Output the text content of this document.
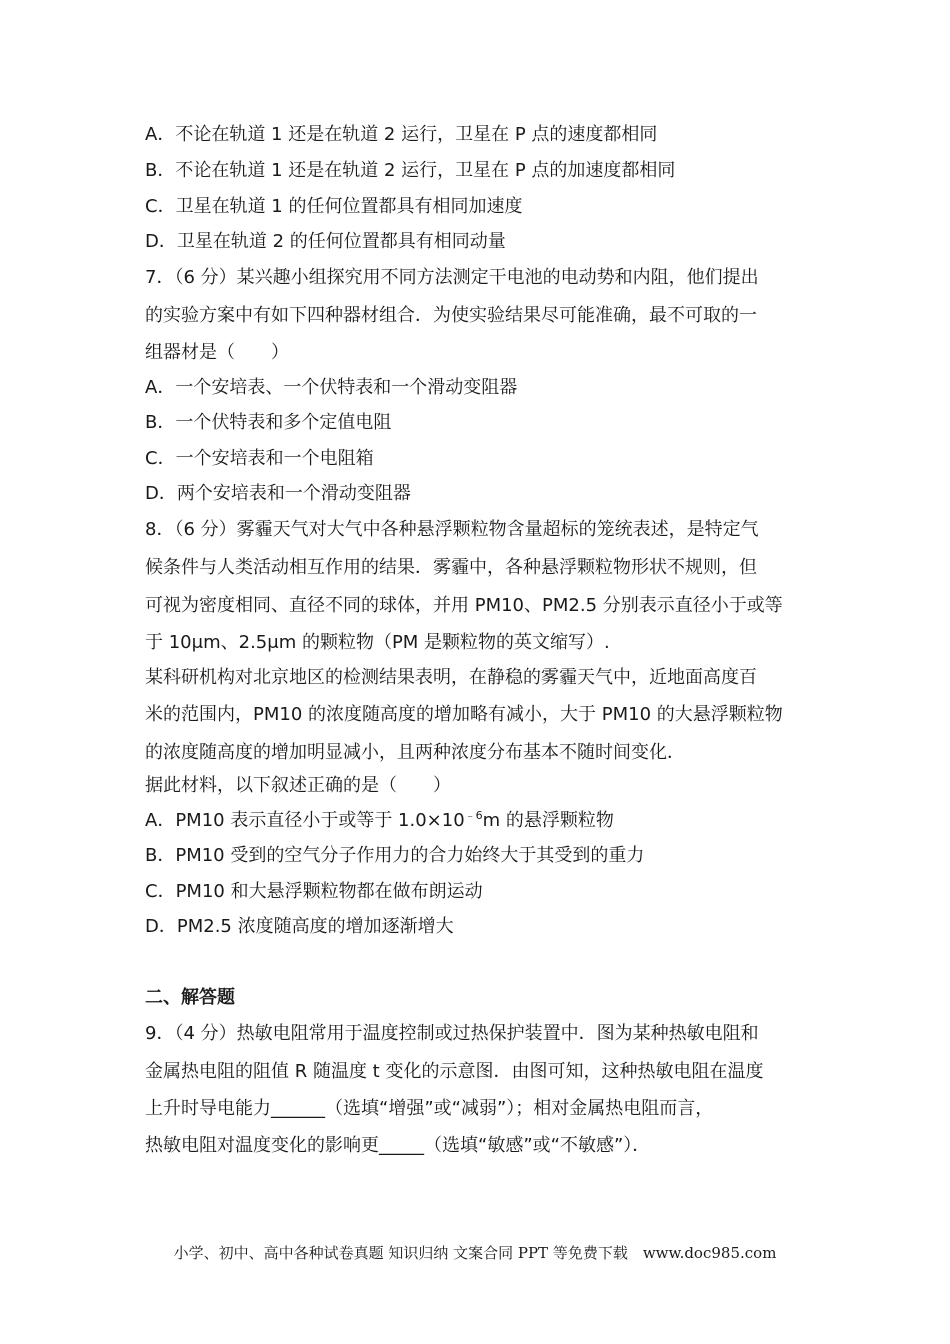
A．不论在轨道 1 还是在轨道 2 运行，卫星在 P 点的速度都相同
B．不论在轨道 1 还是在轨道 2 运行，卫星在 P 点的加速度都相同
C．卫星在轨道 1 的任何位置都具有相同加速度
D．卫星在轨道 2 的任何位置都具有相同动量
7．（6 分）某兴趣小组探究用不同方法测定干电池的电动势和内阻，他们提出
的实验方案中有如下四种器材组合．为使实验结果尽可能准确，最不可取的一
组器材是（　　）
A．一个安培表、一个伏特表和一个滑动变阻器
B．一个伏特表和多个定值电阻
C．一个安培表和一个电阻箱
D．两个安培表和一个滑动变阻器
8．（6 分）雾霾天气对大气中各种悬浮颗粒物含量超标的笼统表述，是特定气
候条件与人类活动相互作用的结果．雾霾中，各种悬浮颗粒物形状不规则，但
可视为密度相同、直径不同的球体，并用 PM10、PM2.5 分别表示直径小于或等
于 10μm、2.5μm 的颗粒物（PM 是颗粒物的英文缩写）.
某科研机构对北京地区的检测结果表明，在静稳的雾霾天气中，近地面高度百
米的范围内，PM10 的浓度随高度的增加略有减小，大于 PM10 的大悬浮颗粒物
的浓度随高度的增加明显减小，且两种浓度分布基本不随时间变化．
据此材料，以下叙述正确的是（　　）
A．PM10 表示直径小于或等于 $1.0\times 10^{﹣6}m$ 的悬浮颗粒物
B．PM10 受到的空气分子作用力的合力始终大于其受到的重力
C．PM10 和大悬浮颗粒物都在做布朗运动
D．PM2.5 浓度随高度的增加逐渐增大
二、解答题
9．（4 分）热敏电阻常用于温度控制或过热保护装置中．图为某种热敏电阻和
金属热电阻的阻值 R 随温度 t 变化的示意图．由图可知，这种热敏电阻在温度
上升时导电能力______（选填“增强”或“减弱”）；相对金属热电阻而言，
热敏电阻对温度变化的影响更_____（选填“敏感”或“不敏感”）．
小学、初中、高中各种试卷真题 知识归纳 文案合同 PPT 等免费下载　www.doc985.com
